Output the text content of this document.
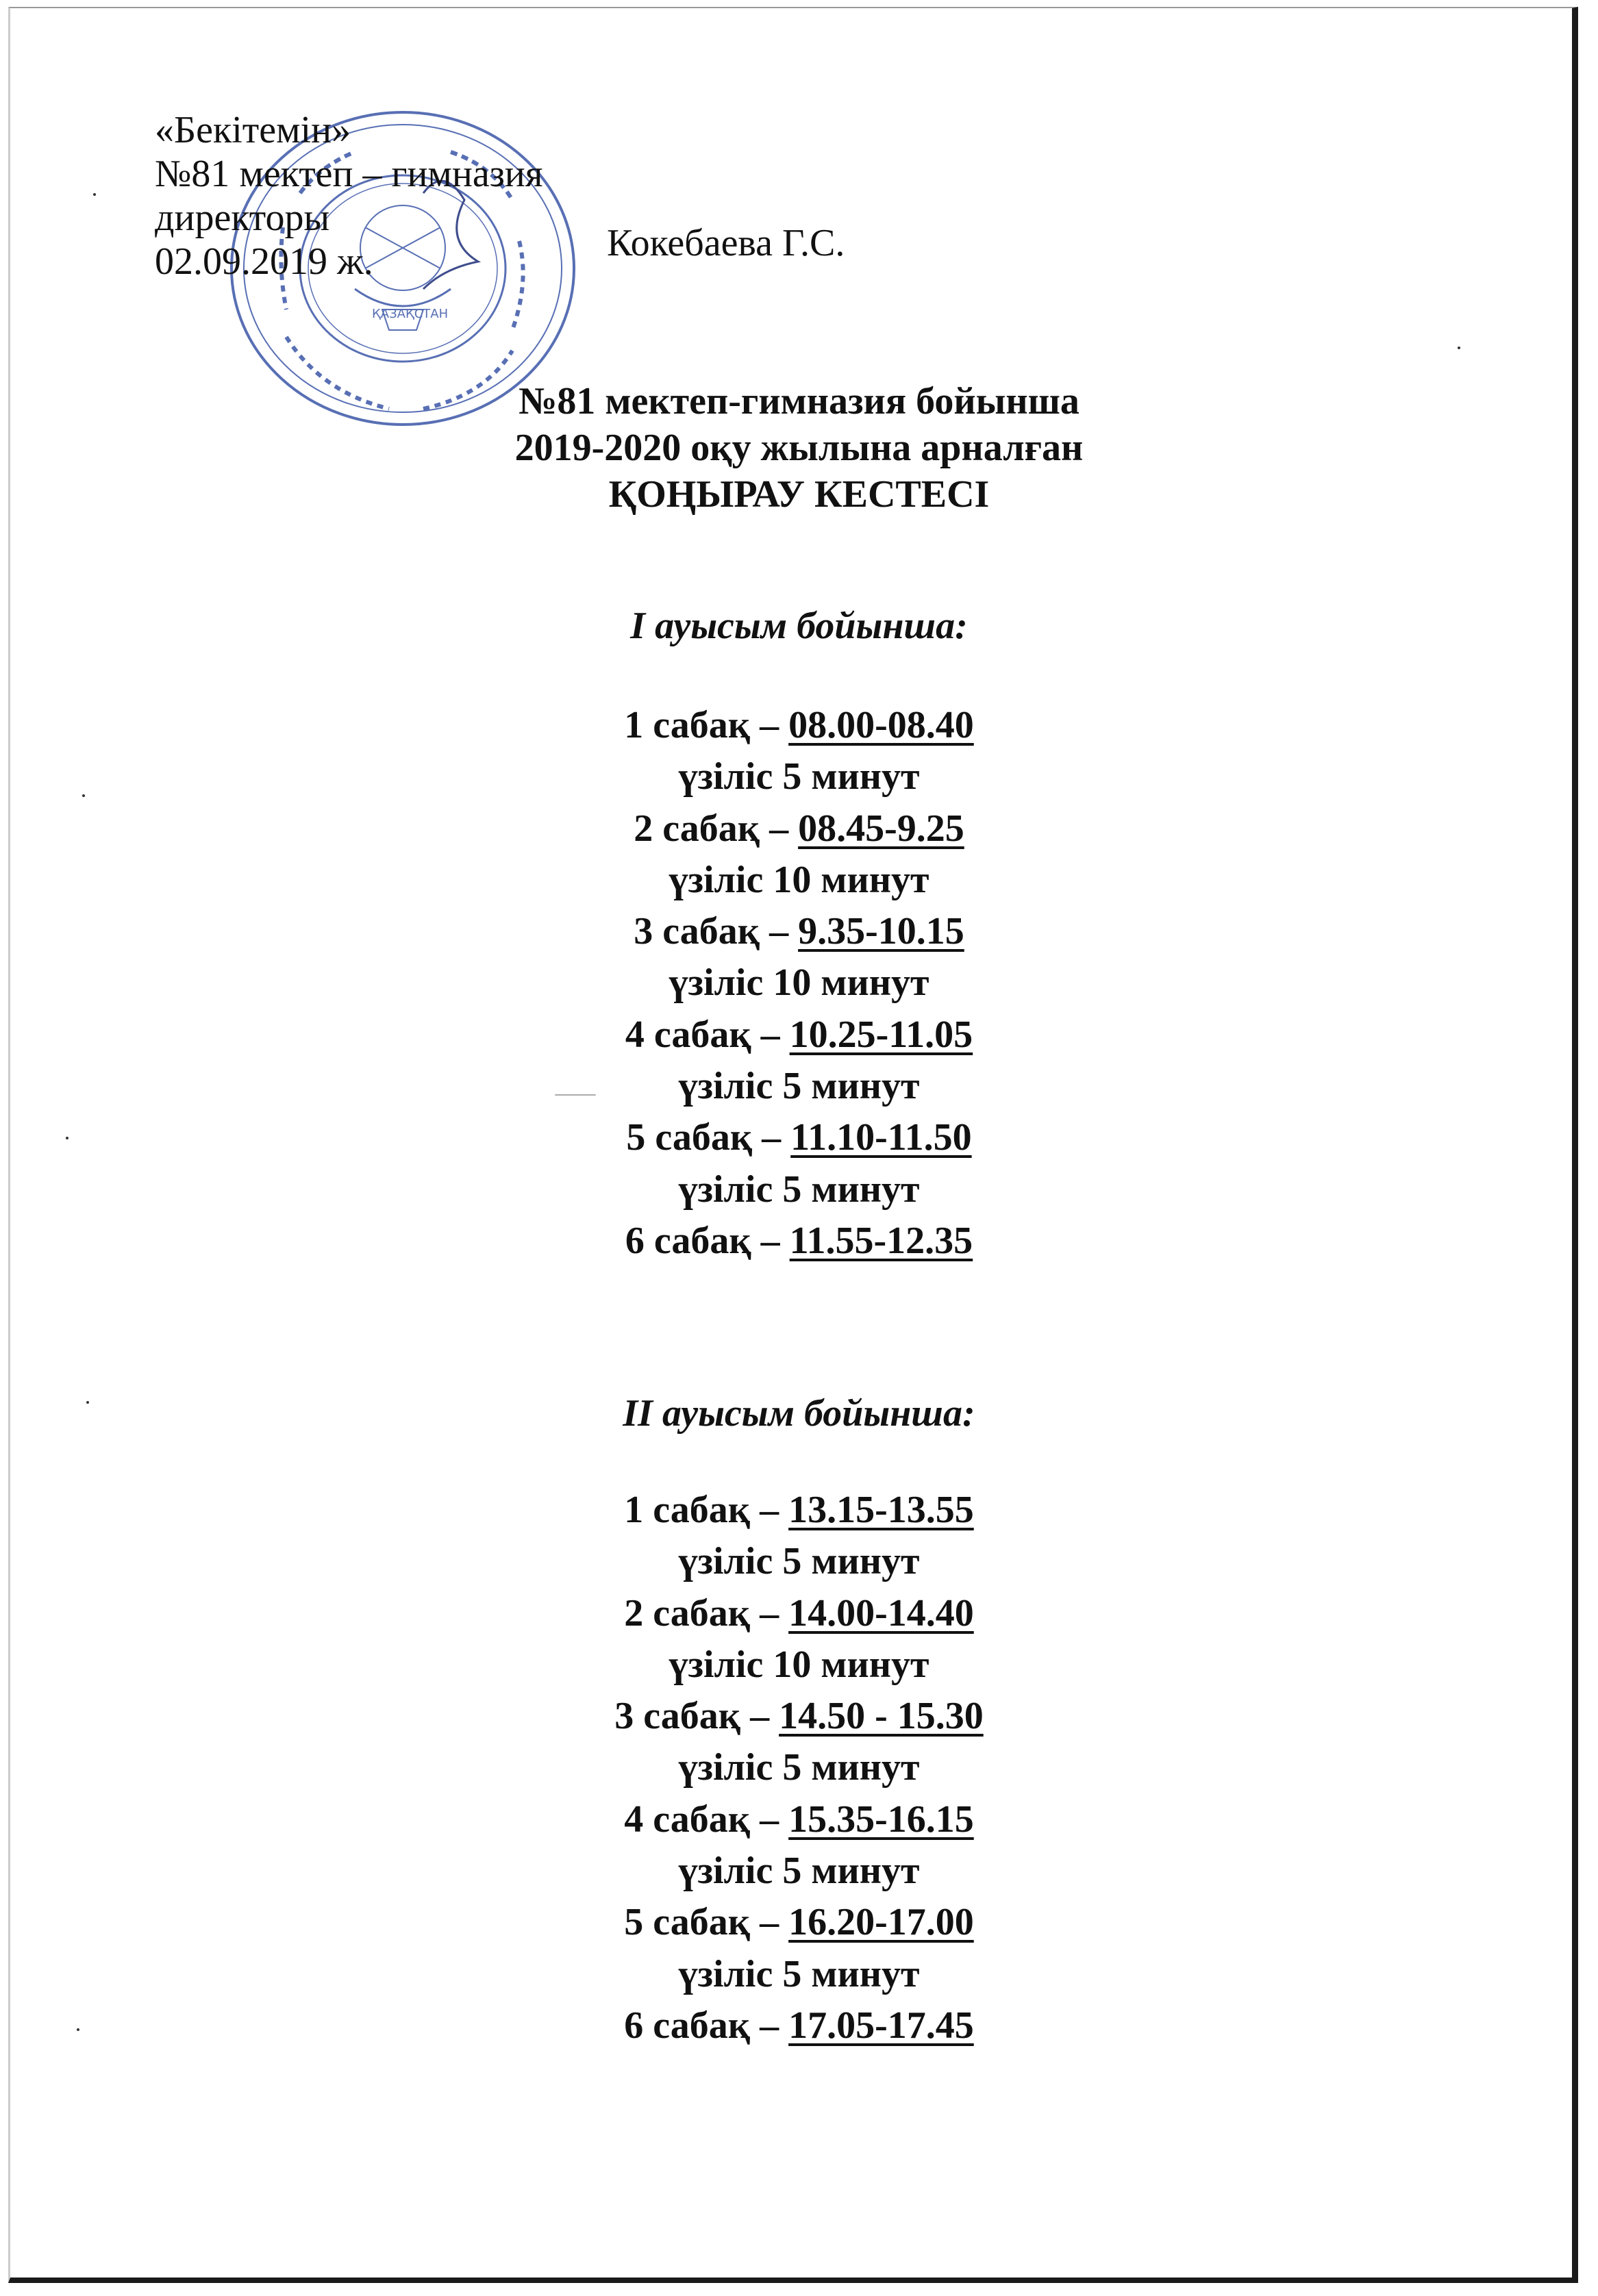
ҚАЗАҚСТАН
«Бекітемін»
№81 мектеп – гимназия
директоры
02.09.2019 ж.	Кокебаева Г.С.
№81 мектеп-гимназия бойынша
2019-2020 оқу жылына арналған
ҚОҢЫРАУ КЕСТЕСІ
І ауысым бойынша:
1 сабақ – 08.00-08.40
үзіліс 5 минут
2 сабақ – 08.45-9.25
үзіліс 10 минут
3 сабақ – 9.35-10.15
үзіліс 10 минут
4 сабақ – 10.25-11.05
үзіліс 5 минут
5 сабақ – 11.10-11.50
үзіліс 5 минут
6 сабақ – 11.55-12.35
ІІ ауысым бойынша:
1 сабақ – 13.15-13.55
үзіліс 5 минут
2 сабақ – 14.00-14.40
үзіліс 10 минут
3 сабақ – 14.50 - 15.30
үзіліс 5 минут
4 сабақ – 15.35-16.15
үзіліс 5 минут
5 сабақ – 16.20-17.00
үзіліс 5 минут
6 сабақ – 17.05-17.45
